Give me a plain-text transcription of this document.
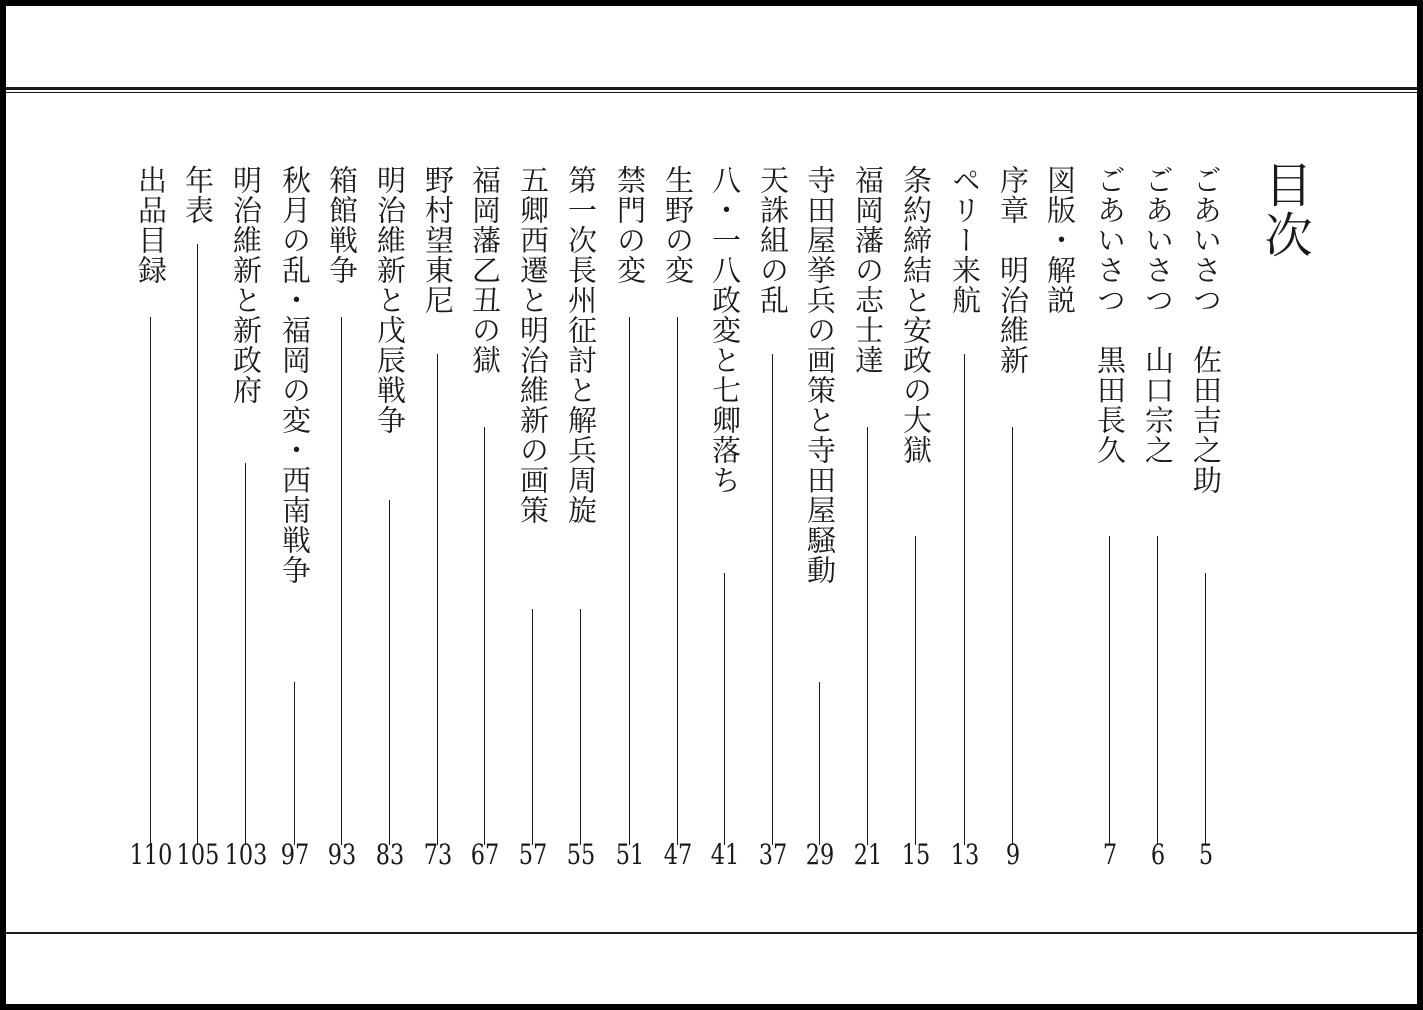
目次
ごあいさつ　佐田吉之助
5
ごあいさつ　山口宗之
6
ごあいさつ　黒田長久
7
図版・解説
序章　明治維新
9
ペリー来航
13
条約締結と安政の大獄
15
福岡藩の志士達
21
寺田屋挙兵の画策と寺田屋騒動
29
天誅組の乱
37
八・一八政変と七卿落ち
41
生野の変
47
禁門の変
51
第一次長州征討と解兵周旋
55
五卿西遷と明治維新の画策
57
福岡藩乙丑の獄
67
野村望東尼
73
明治維新と戊辰戦争
83
箱館戦争
93
秋月の乱・福岡の変・西南戦争
97
明治維新と新政府
103
年表
105
出品目録
110
